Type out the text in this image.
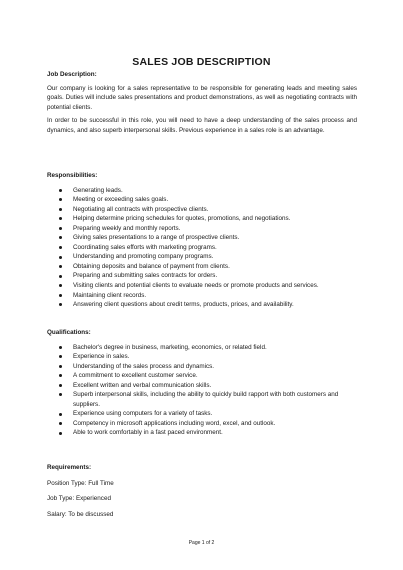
SALES JOB DESCRIPTION
Job Description:

Our company is looking for a sales representative to be responsible for generating leads and meeting sales goals. Duties will include sales presentations and product demonstrations, as well as negotiating contracts with potential clients.

In order to be successful in this role, you will need to have a deep understanding of the sales process and dynamics, and also superb interpersonal skills. Previous experience in a sales role is an advantage.

Responsibilities:
Generating leads.
Meeting or exceeding sales goals.
Negotiating all contracts with prospective clients.
Helping determine pricing schedules for quotes, promotions, and negotiations.
Preparing weekly and monthly reports.
Giving sales presentations to a range of prospective clients.
Coordinating sales efforts with marketing programs.
Understanding and promoting company programs.
Obtaining deposits and balance of payment from clients.
Preparing and submitting sales contracts for orders.
Visiting clients and potential clients to evaluate needs or promote products and services.
Maintaining client records.
Answering client questions about credit terms, products, prices, and availability.
Qualifications:
Bachelor's degree in business, marketing, economics, or related field.
Experience in sales.
Understanding of the sales process and dynamics.
A commitment to excellent customer service.
Excellent written and verbal communication skills.
Superb interpersonal skills, including the ability to quickly build rapport with both customers and suppliers.
Experience using computers for a variety of tasks.
Competency in microsoft applications including word, excel, and outlook.
Able to work comfortably in a fast paced environment.
Requirements:
Position Type: Full Time
Job Type: Experienced
Salary: To be discussed
Page 1 of 2
